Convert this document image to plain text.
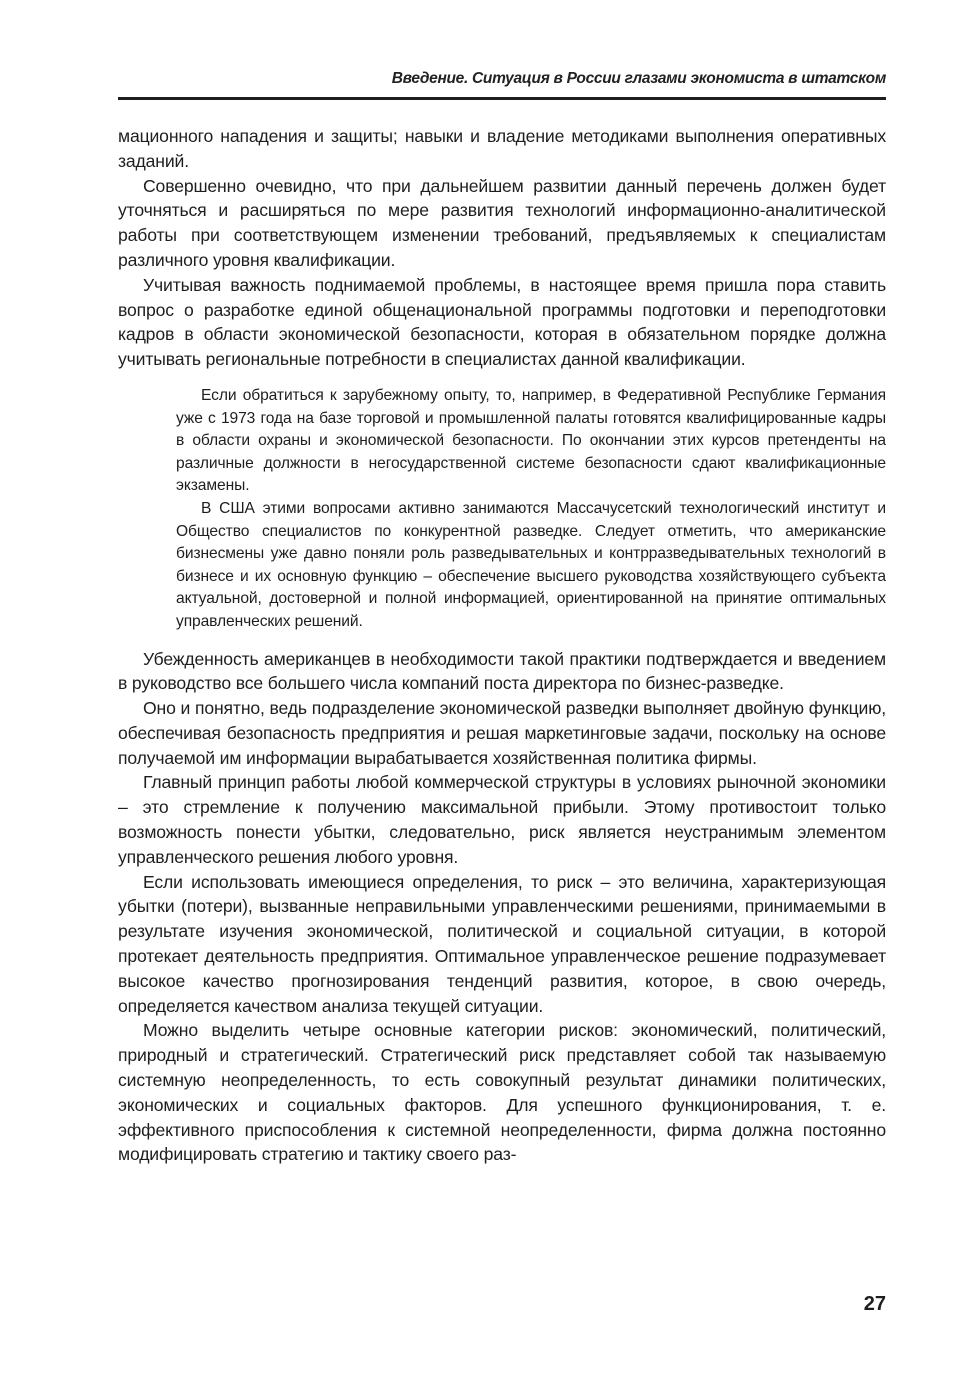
Введение. Ситуация в России глазами экономиста в штатском

мационного нападения и защиты; навыки и владение методиками выполнения оперативных заданий.

Совершенно очевидно, что при дальнейшем развитии данный перечень должен будет уточняться и расширяться по мере развития технологий информационно-аналитической работы при соответствующем изменении требований, предъявляемых к специалистам различного уровня квалификации.

Учитывая важность поднимаемой проблемы, в настоящее время пришла пора ставить вопрос о разработке единой общенациональной программы подготовки и переподготовки кадров в области экономической безопасности, которая в обязательном порядке должна учитывать региональные потребности в специалистах данной квалификации.

Если обратиться к зарубежному опыту, то, например, в Федеративной Республике Германия уже с 1973 года на базе торговой и промышленной палаты готовятся квалифицированные кадры в области охраны и экономической безопасности. По окончании этих курсов претенденты на различные должности в негосударственной системе безопасности сдают квалификационные экзамены.

В США этими вопросами активно занимаются Массачусетский технологический институт и Общество специалистов по конкурентной разведке. Следует отметить, что американские бизнесмены уже давно поняли роль разведывательных и контрразведывательных технологий в бизнесе и их основную функцию – обеспечение высшего руководства хозяйствующего субъекта актуальной, достоверной и полной информацией, ориентированной на принятие оптимальных управленческих решений.

Убежденность американцев в необходимости такой практики подтверждается и введением в руководство все большего числа компаний поста директора по бизнес-разведке.

Оно и понятно, ведь подразделение экономической разведки выполняет двойную функцию, обеспечивая безопасность предприятия и решая маркетинговые задачи, поскольку на основе получаемой им информации вырабатывается хозяйственная политика фирмы.

Главный принцип работы любой коммерческой структуры в условиях рыночной экономики – это стремление к получению максимальной прибыли. Этому противостоит только возможность понести убытки, следовательно, риск является неустранимым элементом управленческого решения любого уровня.

Если использовать имеющиеся определения, то риск – это величина, характеризующая убытки (потери), вызванные неправильными управленческими решениями, принимаемыми в результате изучения экономической, политической и социальной ситуации, в которой протекает деятельность предприятия. Оптимальное управленческое решение подразумевает высокое качество прогнозирования тенденций развития, которое, в свою очередь, определяется качеством анализа текущей ситуации.

Можно выделить четыре основные категории рисков: экономический, политический, природный и стратегический. Стратегический риск представляет собой так называемую системную неопределенность, то есть совокупный результат динамики политических, экономических и социальных факторов. Для успешного функционирования, т. е. эффективного приспособления к системной неопределенности, фирма должна постоянно модифицировать стратегию и тактику своего раз-

27
